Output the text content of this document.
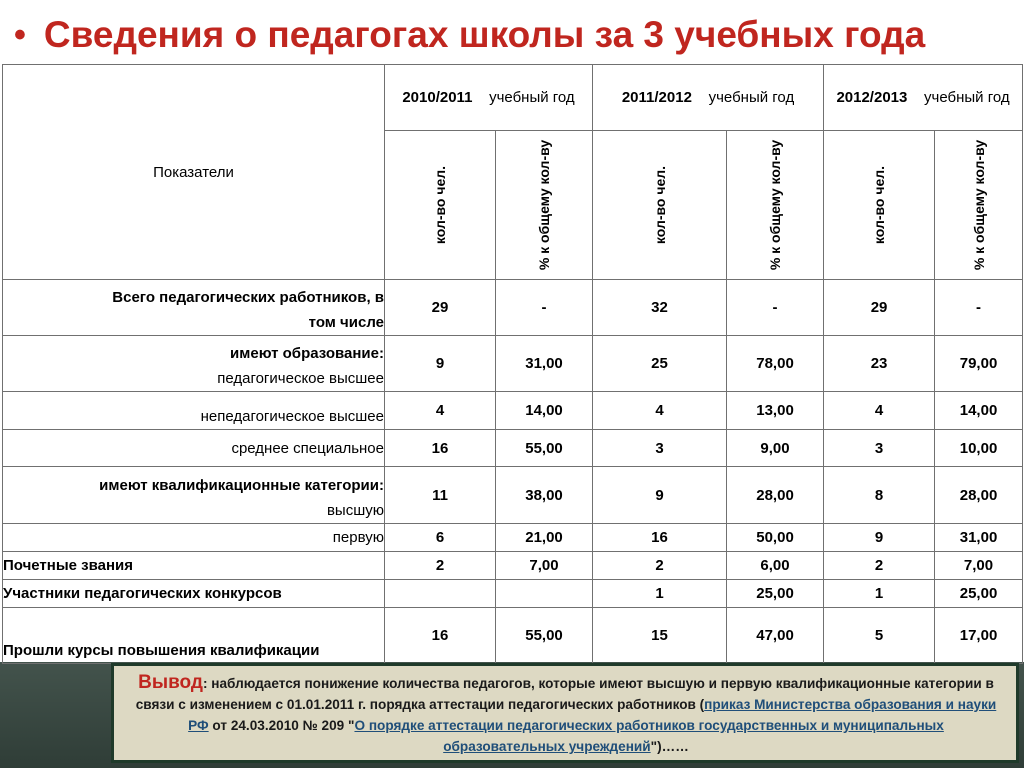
• Сведения о педагогах школы за 3 учебных года
Показатели	2010/2011 учебный год		2011/2012 учебный год		2012/2013 учебный год	

	кол-во чел.	% к общему кол-ву	кол-во чел.	% к общему кол-ву	кол-во чел.	% к общему кол-ву

Всего педагогических работников, в
том числе	29	-	32	-	29	-
имеют образование:
педагогическое высшее	9	31,00	25	78,00	23	79,00
непедагогическое высшее	4	14,00	4	13,00	4	14,00
среднее специальное	16	55,00	3	9,00	3	10,00
имеют квалификационные категории:
высшую	11	38,00	9	28,00	8	28,00
первую	6	21,00	16	50,00	9	31,00
Почетные звания	2	7,00	2	6,00	2	7,00
Участники педагогических конкурсов			1	25,00	1	25,00
Прошли курсы повышения квалификации	16	55,00	15	47,00	5	17,00
Вывод: наблюдается понижение количества педагогов, которые имеют высшую и первую квалификационные категории в связи с изменением с 01.01.2011 г. порядка аттестации педагогических работников (приказ Министерства образования и науки РФ от 24.03.2010 № 209 "О порядке аттестации педагогических работников государственных и муниципальных образовательных учреждений")……
